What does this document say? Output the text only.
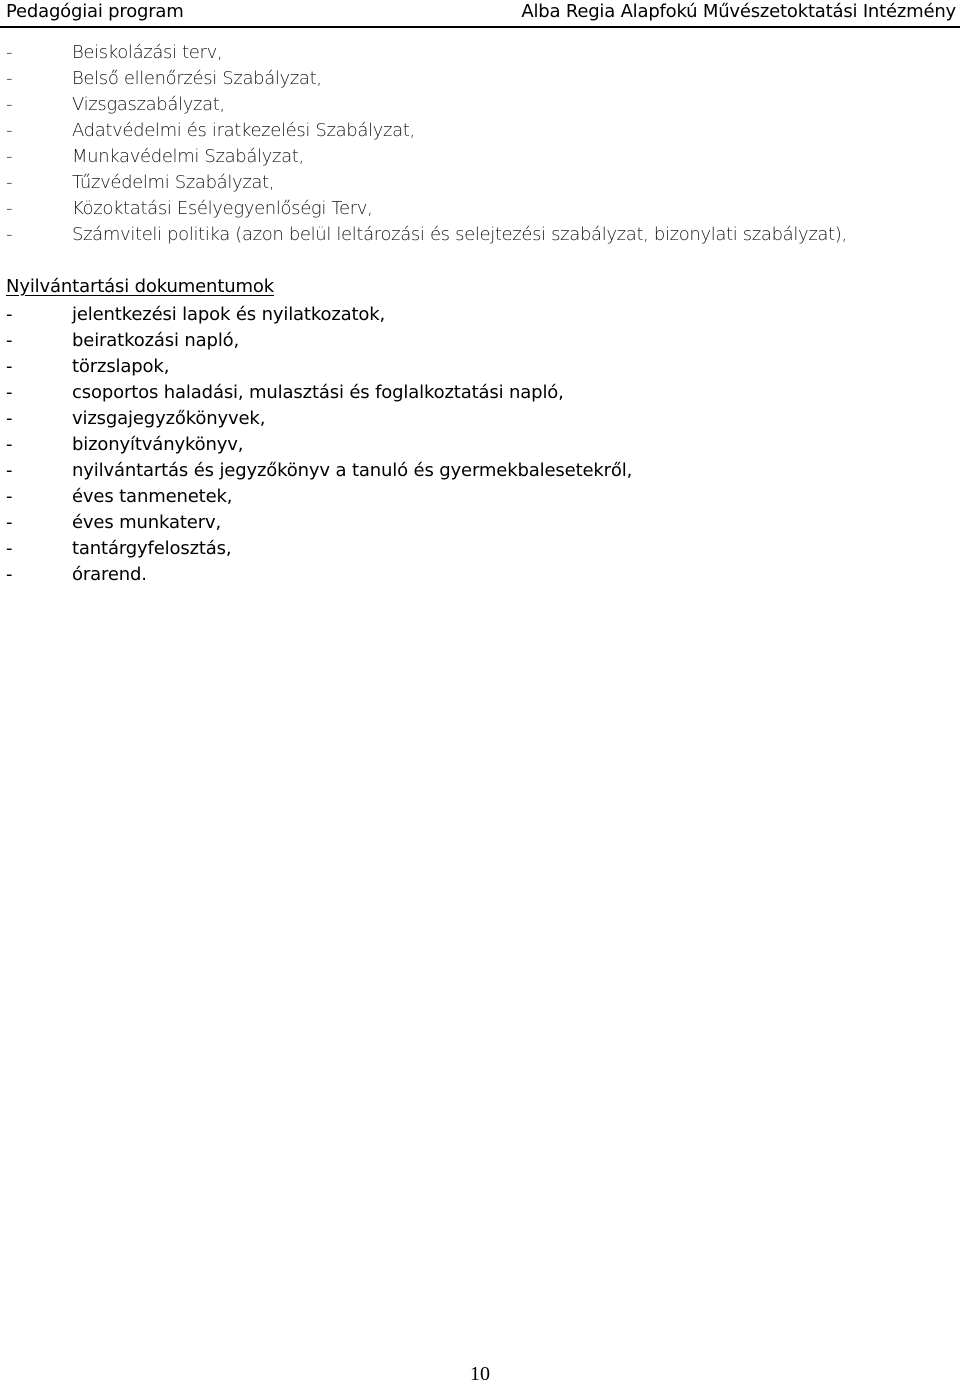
Pedagógiai program	Alba Regia Alapfokú Művészetoktatási Intézmény
-	Beiskolázási terv,
-	Belső ellenőrzési Szabályzat,
-	Vizsgaszabályzat,
-	Adatvédelmi és iratkezelési Szabályzat,
-	Munkavédelmi Szabályzat,
-	Tűzvédelmi Szabályzat,
-	Közoktatási Esélyegyenlőségi Terv,
-	Számviteli politika (azon belül leltározási és selejtezési szabályzat, bizonylati szabályzat),
Nyilvántartási dokumentumok
-	jelentkezési lapok és nyilatkozatok,
-	beiratkozási napló,
-	törzslapok,
-	csoportos haladási, mulasztási és foglalkoztatási napló,
-	vizsgajegyzőkönyvek,
-	bizonyítványkönyv,
-	nyilvántartás és jegyzőkönyv a tanuló és gyermekbalesetekről,
-	éves tanmenetek,
-	éves munkaterv,
-	tantárgyfelosztás,
-	órarend.
10
